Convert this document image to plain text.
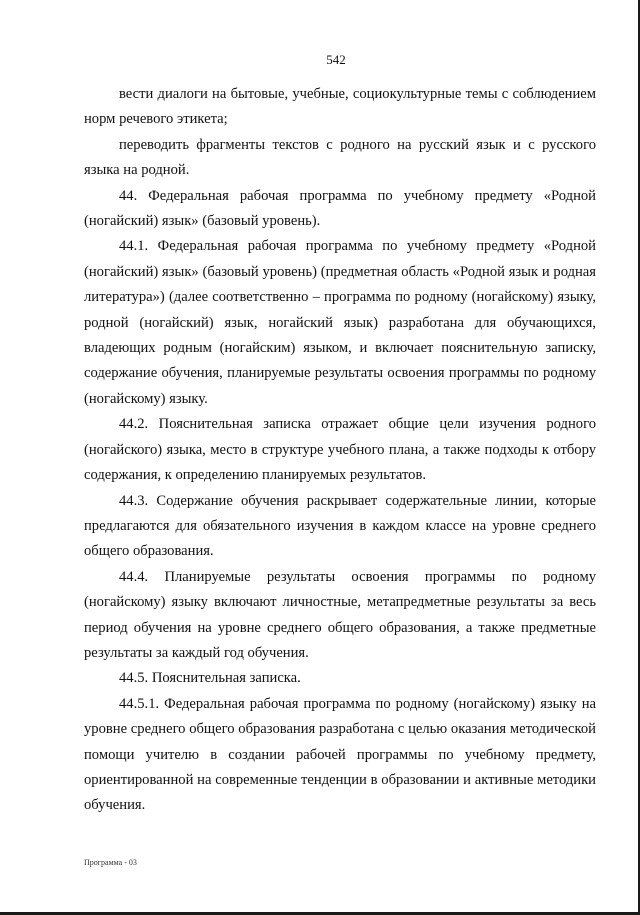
542

вести диалоги на бытовые, учебные, социокультурные темы с соблюдением норм речевого этикета;

переводить фрагменты текстов с родного на русский язык и с русского языка на родной.

44. Федеральная рабочая программа по учебному предмету «Родной (ногайский) язык» (базовый уровень).

44.1. Федеральная рабочая программа по учебному предмету «Родной (ногайский) язык» (базовый уровень) (предметная область «Родной язык и родная литература») (далее соответственно – программа по родному (ногайскому) языку, родной (ногайский) язык, ногайский язык) разработана для обучающихся, владеющих родным (ногайским) языком, и включает пояснительную записку, содержание обучения, планируемые результаты освоения программы по родному (ногайскому) языку.

44.2. Пояснительная записка отражает общие цели изучения родного (ногайского) языка, место в структуре учебного плана, а также подходы к отбору содержания, к определению планируемых результатов.

44.3. Содержание обучения раскрывает содержательные линии, которые предлагаются для обязательного изучения в каждом классе на уровне среднего общего образования.

44.4. Планируемые результаты освоения программы по родному (ногайскому) языку включают личностные, метапредметные результаты за весь период обучения на уровне среднего общего образования, а также предметные результаты за каждый год обучения.

44.5. Пояснительная записка.

44.5.1. Федеральная рабочая программа по родному (ногайскому) языку на уровне среднего общего образования разработана с целью оказания методической помощи учителю в создании рабочей программы по учебному предмету, ориентированной на современные тенденции в образовании и активные методики обучения.

Программа - 03
